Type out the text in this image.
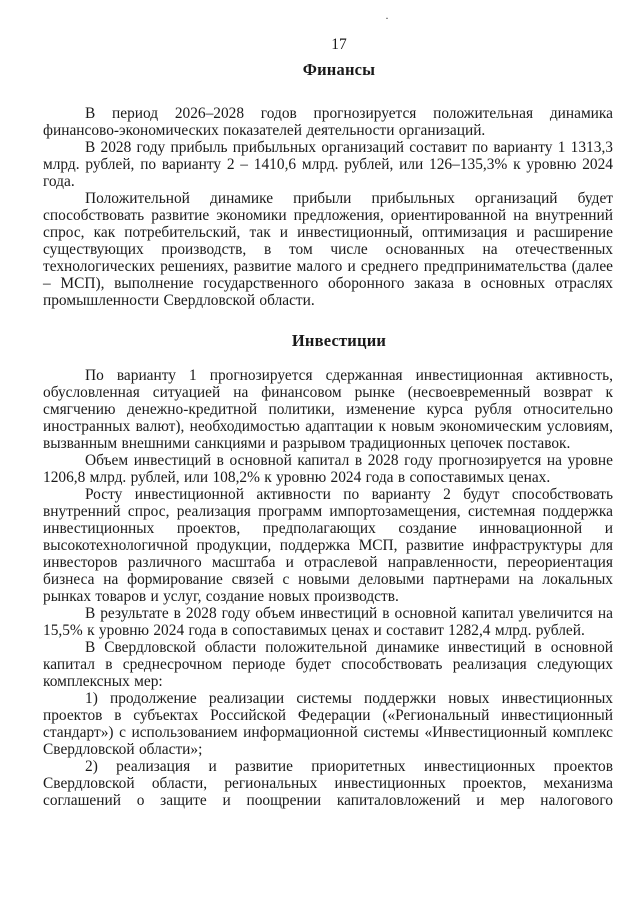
·
17
Финансы

В период 2026–2028 годов прогнозируется положительная динамика финансово-экономических показателей деятельности организаций.

В 2028 году прибыль прибыльных организаций составит по варианту 1 1313,3 млрд. рублей, по варианту 2 – 1410,6 млрд. рублей, или 126–135,3% к уровню 2024 года.

Положительной динамике прибыли прибыльных организаций будет способствовать развитие экономики предложения, ориентированной на внутренний спрос, как потребительский, так и инвестиционный, оптимизация и расширение существующих производств, в том числе основанных на отечественных технологических решениях, развитие малого и среднего предпринимательства (далее – МСП), выполнение государственного оборонного заказа в основных отраслях промышленности Свердловской области.

Инвестиции

По варианту 1 прогнозируется сдержанная инвестиционная активность, обусловленная ситуацией на финансовом рынке (несвоевременный возврат к смягчению денежно-кредитной политики, изменение курса рубля относительно иностранных валют), необходимостью адаптации к новым экономическим условиям, вызванным внешними санкциями и разрывом традиционных цепочек поставок.

Объем инвестиций в основной капитал в 2028 году прогнозируется на уровне 1206,8 млрд. рублей, или 108,2% к уровню 2024 года в сопоставимых ценах.

Росту инвестиционной активности по варианту 2 будут способствовать внутренний спрос, реализация программ импортозамещения, системная поддержка инвестиционных проектов, предполагающих создание инновационной и высокотехнологичной продукции, поддержка МСП, развитие инфраструктуры для инвесторов различного масштаба и отраслевой направленности, переориентация бизнеса на формирование связей с новыми деловыми партнерами на локальных рынках товаров и услуг, создание новых производств.

В результате в 2028 году объем инвестиций в основной капитал увеличится на 15,5% к уровню 2024 года в сопоставимых ценах и составит 1282,4 млрд. рублей.

В Свердловской области положительной динамике инвестиций в основной капитал в среднесрочном периоде будет способствовать реализация следующих комплексных мер:

1) продолжение реализации системы поддержки новых инвестиционных проектов в субъектах Российской Федерации («Региональный инвестиционный стандарт») с использованием информационной системы «Инвестиционный комплекс Свердловской области»;

2) реализация и развитие приоритетных инвестиционных проектов Свердловской области, региональных инвестиционных проектов, механизма соглашений о защите и поощрении капиталовложений и мер налогового
